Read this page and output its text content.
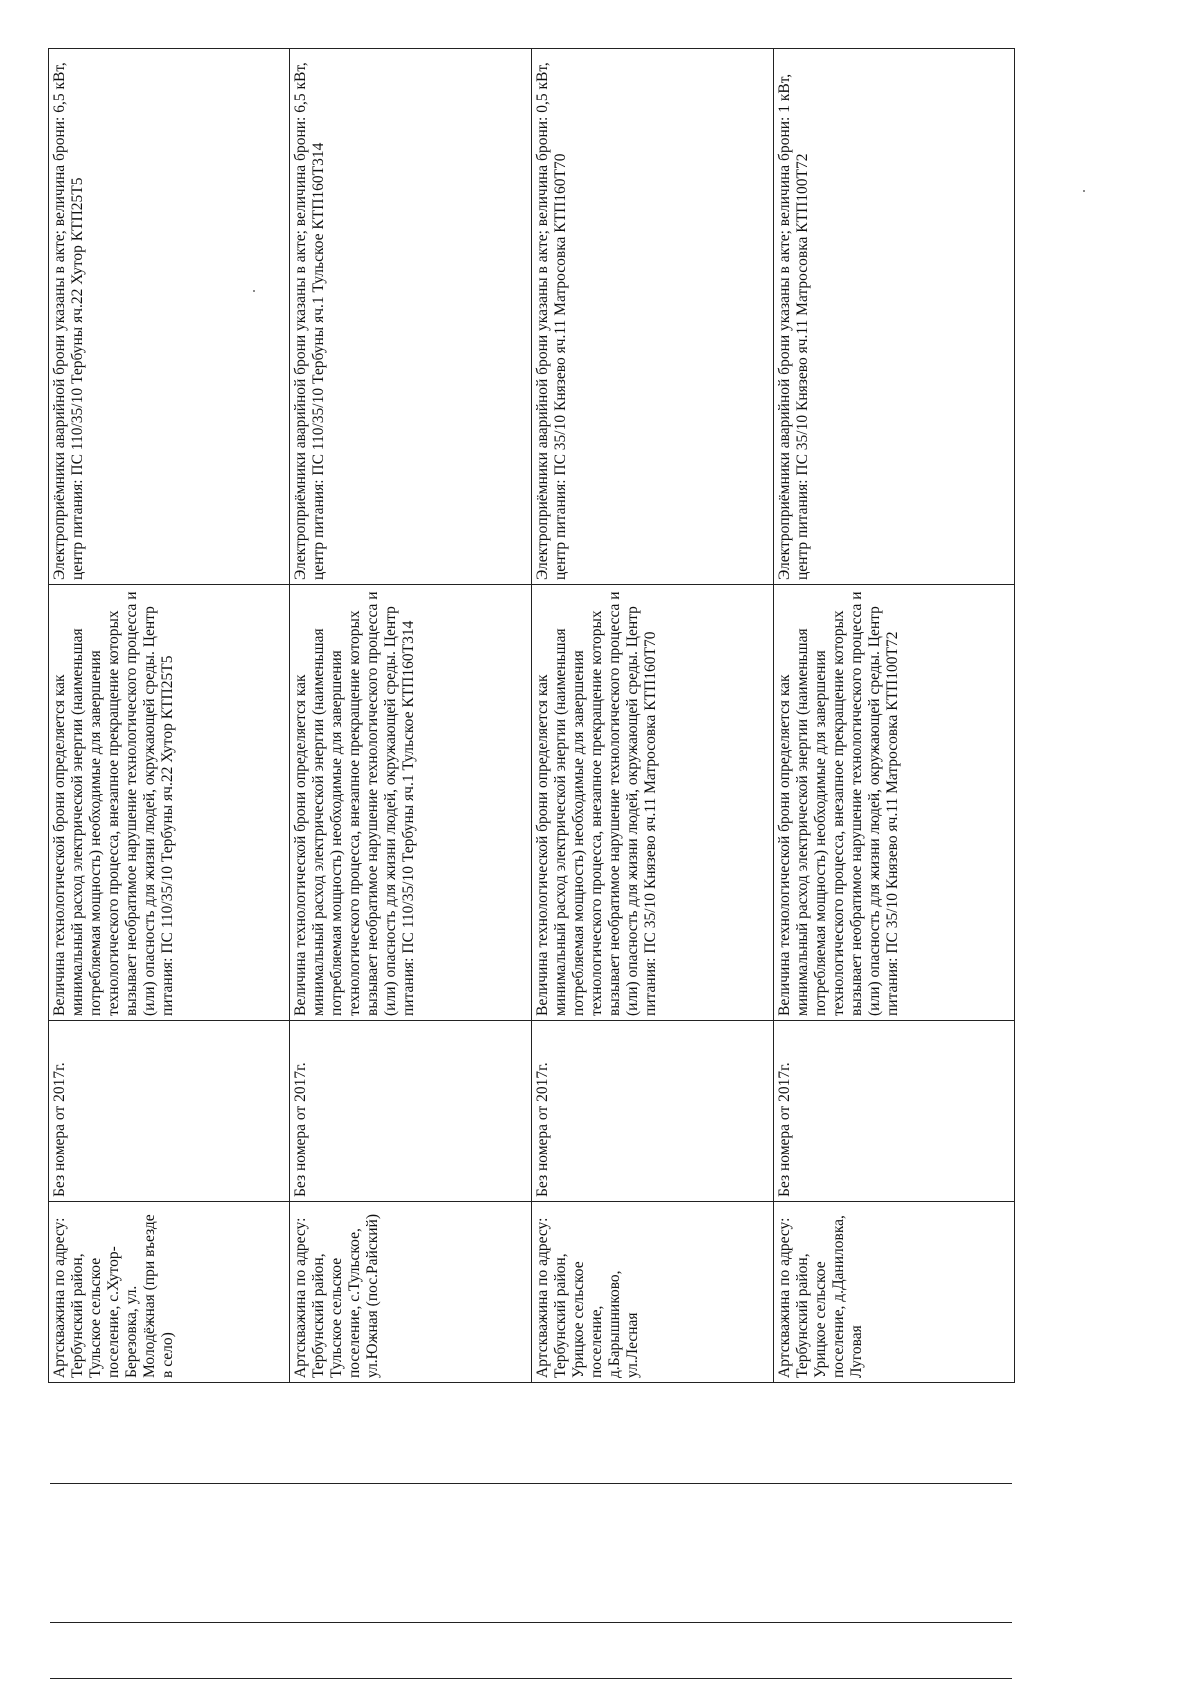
Артскважина по адресу: Тербунский район, Тульское сельское поселение, с.Хутор-Березовка, ул. Молодёжная (при въезде в село)	Без номера от 2017г.	Величина технологической брони определяется как минимальный расход электрической энергии (наименьшая потребляемая мощность) необходимые для завершения технологического процесса, внезапное прекращение которых вызывает необратимое нарушение технологического процесса и (или) опасность для жизни людей, окружающей среды. Центр питания: ПС 110/35/10 Тербуны яч.22 Хутор КТП25Т5	Электроприёмники аварийной брони указаны в акте; величина брони: 6,5 кВт, центр питания: ПС 110/35/10 Тербуны яч.22 Хутор КТП25Т5
Артскважина по адресу: Тербунский район, Тульское сельское поселение, с.Тульское, ул.Южная (пос.Райский)	Без номера от 2017г.	Величина технологической брони определяется как минимальный расход электрической энергии (наименьшая потребляемая мощность) необходимые для завершения технологического процесса, внезапное прекращение которых вызывает необратимое нарушение технологического процесса и (или) опасность для жизни людей, окружающей среды. Центр питания: ПС 110/35/10 Тербуны яч.1 Тульское КТП160Т314	Электроприёмники аварийной брони указаны в акте; величина брони: 6,5 кВт, центр питания: ПС 110/35/10 Тербуны яч.1 Тульское КТП160Т314
Артскважина по адресу: Тербунский район, Урицкое сельское поселение, д.Барышниково, ул.Лесная	Без номера от 2017г.	Величина технологической брони определяется как минимальный расход электрической энергии (наименьшая потребляемая мощность) необходимые для завершения технологического процесса, внезапное прекращение которых вызывает необратимое нарушение технологического процесса и (или) опасность для жизни людей, окружающей среды. Центр питания: ПС 35/10 Князево яч.11 Матросовка КТП160Т70	Электроприёмники аварийной брони указаны в акте; величина брони: 0,5 кВт, центр питания: ПС 35/10 Князево яч.11 Матросовка КТП160Т70
Артскважина по адресу: Тербунский район, Урицкое сельское поселение, д.Даниловка, Луговая	Без номера от 2017г.	Величина технологической брони определяется как минимальный расход электрической энергии (наименьшая потребляемая мощность) необходимые для завершения технологического процесса, внезапное прекращение которых вызывает необратимое нарушение технологического процесса и (или) опасность для жизни людей, окружающей среды. Центр питания: ПС 35/10 Князево яч.11 Матросовка КТП100Т72	Электроприёмники аварийной брони указаны в акте; величина брони: 1 кВт, центр питания: ПС 35/10 Князево яч.11 Матросовка КТП100Т72
